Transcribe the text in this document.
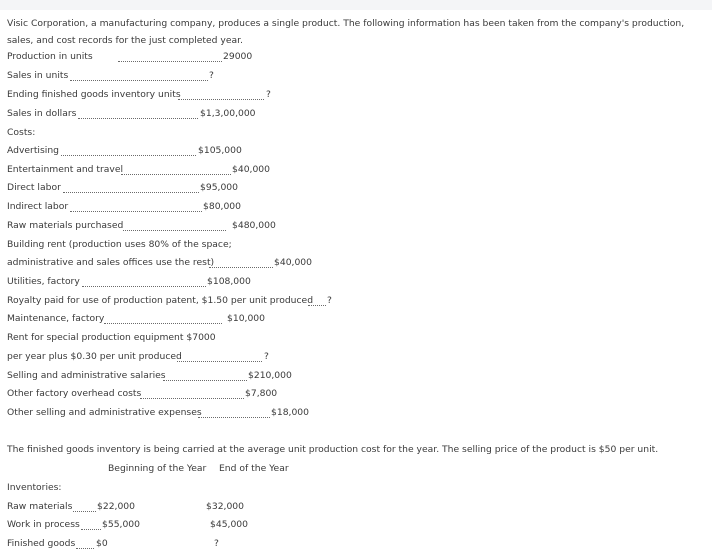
Visic Corporation, a manufacturing company, produces a single product. The following information has been taken from the company's production, sales, and cost records for the just completed year.
Production in units	29000
Sales in units	?
Ending finished goods inventory units	?
Sales in dollars	$1,3,00,000
Costs:
Advertising	$105,000
Entertainment and travel	$40,000
Direct labor	$95,000
Indirect labor	$80,000
Raw materials purchased	$480,000
Building rent (production uses 80% of the space;
administrative and sales offices use the rest)	$40,000
Utilities, factory	$108,000
Royalty paid for use of production patent, $1.50 per unit produced ?
Maintenance, factory	$10,000
Rent for special production equipment $7000
per year plus $0.30 per unit produced	?
Selling and administrative salaries	$210,000
Other factory overhead costs	$7,800
Other selling and administrative expenses	$18,000
The finished goods inventory is being carried at the average unit production cost for the year. The selling price of the product is $50 per unit.
Beginning of the Year End of the Year
Inventories:
Raw materials	$22,000	$32,000
Work in process $55,000	$45,000
Finished goods $0	?
